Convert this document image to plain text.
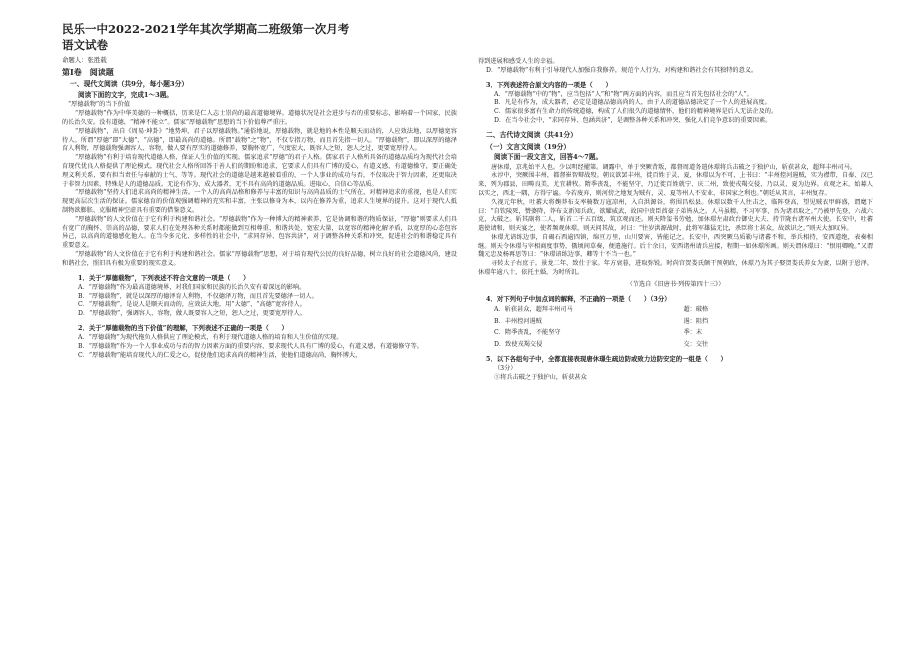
民乐一中2022-2021学年其次学期高二班级第一次月考
语文试卷
命题人：张胜载
第Ⅰ卷　阅读题
一、现代文阅读（共9分，每小题3分）
阅读下面的文字，完成1～3题。

“厚德载物”的当下价值

“厚德载物”作为中华美德的一种概括，历来是仁人志士崇尚的最高道德境界。道德状况是社会进步与否的重要标志，影响着一个国家、民族的长治久安。没有道德，“精神不能立”。儒家“厚德载物”思想的当下价值尊严重庄。

“厚德载物”，出自《周易·坤卦》“地势坤，君子以厚德载物。”通俗地说，厚德载物，就是地的本性是顺天而动的，人应效法地，以厚德宽容待人。所谓“厚德”即“大德”、“高德”，即最高尚的道德。所谓“载物”之“物”，不仅专指万物，而且首先指一切人。“厚德载物”，即以深厚的德泽育人利物，厚德载物强调容人、容物，做人要有厚实的道德修养，要胸怀宽广，气度宏大，既容人之短，恕人之过，更要宽厚待人。

“厚德载物”有利于培育现代道德人格，保证人生价值的实现。儒家追求“厚德”的君子人格。儒家君子人格所具备的道德品质均为现代社会培育现代优良人格提供了理论模式。现代社会人格所回答于善人们的期盼和追求，它要求人们具有广博的爱心，有道义感，有道德操守，要正确处理义利关系，要有担当责任与奉献的士气、等等。现代社会的道德是越来越被看重的，一个人事业的成功与否，不仅取决于智力因素，还更取决于非智力因素，特殊是人的道德品质。无论有作为、成大器者，无不具有高尚的道德品质。进取心、自信心等品质。

“厚德载物”坚持人们追求高尚的精神生活。一个人的高尚品格和修养与丰富的知识与高尚品质的士气所在，对精神追求的重视，也是人们实现更高层次生活的保证。儒家德育的价值观强调精神的充实和丰富，主张以修身为本，以内在修养为重，追求人生境界的提升。这对于现代人抵制物欲膨胀、克服精神空虚具有重要的借鉴意义。

“厚德载物”的人文价值在于它有利于构建和谐社会。“厚德载物”作为一种博大的精神素养，它是协调和谐的物质保证，“厚德”则要求人们具有宽广的胸怀、崇高的品德，要求人们在处理各种关系时都能做到互相尊重，和谐共处，宽宏大量，以宽容的精神化解矛盾，以宽厚的心态包容异己，以高尚的道德感化他人。在当今多元化、多样性的社会中，“求同存异、包容共济”，对于调整各种关系和冲突，促进社会的和谐稳定具有重要意义。

“厚德载物”的人文价值在于它有利于构建和谐社会。儒家“厚德载物”思想，对于培育现代公民的良好品德，树立良好的社会道德风尚，建设和谐社会，照旧具有极为重要的现实意义。

1．关于“厚德载物”，下列表述不符合文意的一项是（　　）
A．“厚德载物”作为最高道德境界，对我们国家和民族的长治久安有着深远的影响。
B．“厚德载物”，就是以深厚的德泽育人利物，不仅德泽万物，而且首先要德泽一切人。
C．“厚德载物”，是说人是顺天而动的，应效法大地，用“大德”、“高德”宽容待人。
D．“厚德载物”，强调容人、容物，做人既要容人之短，恕人之过，更要宽厚待人。
2．关于“厚德载物的当下价值”的理解，下列表述不正确的一项是（　　）
A．“厚德载物”为现代拖负人格供应了理论模式，有利于现代道德人格的培育和人生价值的实现。
B．“厚德载物”作为一个人事业成功与否的智力因素方面的重要内容，要求现代人具有广博的爱心，有道义感，有道德修守等。
C．“厚德载物”能培育现代人的仁爱之心，促使他们追求高尚的精神生活，使他们道德高尚、胸怀博大，
得到进展和感受人生的幸福。
D．“厚德载物”有利于引导现代人加强自我修养，规范个人行为，对构建和谐社会有其独特的意义。
3．下列表述符合原文内容的一项是（　　）
A．“厚德载物”中的“物”，应当包括“人”和“物”两方面的内容，而且应当首先包括社会的“人”。
B．凡是有作为，成大器者，必定是道德品德高尚的人，由于人的道德品德决定了一个人的进展高度。
C．儒家很多富有生命力的传统道德，构成了人们很久的道德情怀，他们的精神境界是后人无法企及的。
D．在当今社会中，“求同存异、包涵共济”，是调整各种关系和冲突、强化人们竞争意识的重要因素。
二、古代诗文阅读（共41分）
（一）文言文阅读（19分）
阅读下面一段文言文，回答4～7题。

唐休璟，京兆始平人也。少以明经擢第。调露中，单于突厥背叛，都督周道务遣休璟将兵击破之于独护山，斩获甚众，超拜丰州司马。

永淳中，突厥围丰州，都督崔智辩战殁。朝议欲罢丰州，徙百姓于灵、夏，休璟以为不可，上书曰：“丰州控河遏贼，实为襟带，自秦、汉已来，列为郡县，田畴良美，尤宜耕牧。隋季丧乱，不能坚守，乃迁徙百姓就宁、庆二州，致使戎羯交侵，乃以灵、夏为边界。贞观之末，始募人以实之，西北一隅，方得宁谧。今若废弃，则河傍之地复为贼有，灵、夏等州人不安业，非国家之利也。”朝廷从其言，丰州复存。

久视元年秋，吐蕃大将麹莽布支率骑数万寇凉州，入自洪源谷，将围昌松县。休璟以数千人往击之，临阵登高，望见贼衣甲鲜盛，谓麾下曰：“自钦陵死，赞婆降，莽布支新知兵政，欲耀威武，故国中贵臣酋豪子弟皆从之。人马虽精，不习军事，吾为诸君取之。”乃被甲先登，六战六克，大破之。斩其副将二人，斩首二千五百级，筑京观而还。则天降玺书劳勉，加休璟左肃政台御史大夫、持节陇右诸军州大使。长安中，吐蕃遣使请和，则天宴之，使者频观休璟，则天问其故，对曰：“往岁洪源战时，此将军雄猛无比，杀臣将士甚众，故欲识之。”则天大加叹异。

休璟尤谙练边事，自碣石西逾四镇，绵亘万里，山川要害，皆能记之。长安中，西突厥乌质勒与诸蕃不和，举兵相持，安西道绝，表奏相继。则天令休璟与宰相商度事势，俄顷间草奏，便遣施行。后十余日，安西诸州请兵应接，程期一如休璟所画。则天谓休璟曰：“恨用卿晚。”又谓魏元忠及杨再思等曰：“休璟谙练边事，卿等十不当一也。”

寻转太子右庶子。景龙二年，致仕于家。年方衰暮，进取弥锐。时尚宫贺娄氏颇干预朝政，休璟乃为其子娶贺娄氏养女为妻，以附于恩泽。休璟年逾八十，依托主婚，为时所讥。

（节选自《旧唐书·列传第四十三》）
4．对下列句子中加点词的解释，不正确的一项是（　　）（3分）
A．斩获甚众，超拜丰州司马	超：破格
B．丰州控河遏贼	遏：阻挡
C．隋季丧乱，不能坚守	季：末
D．致使戎羯交侵	交：交往
5．以下各组句子中，全都直接表现唐休璟生疏边防或致力边防安定的一组是（　　）
（3分）
①将兵击破之于独护山，斩获甚众
